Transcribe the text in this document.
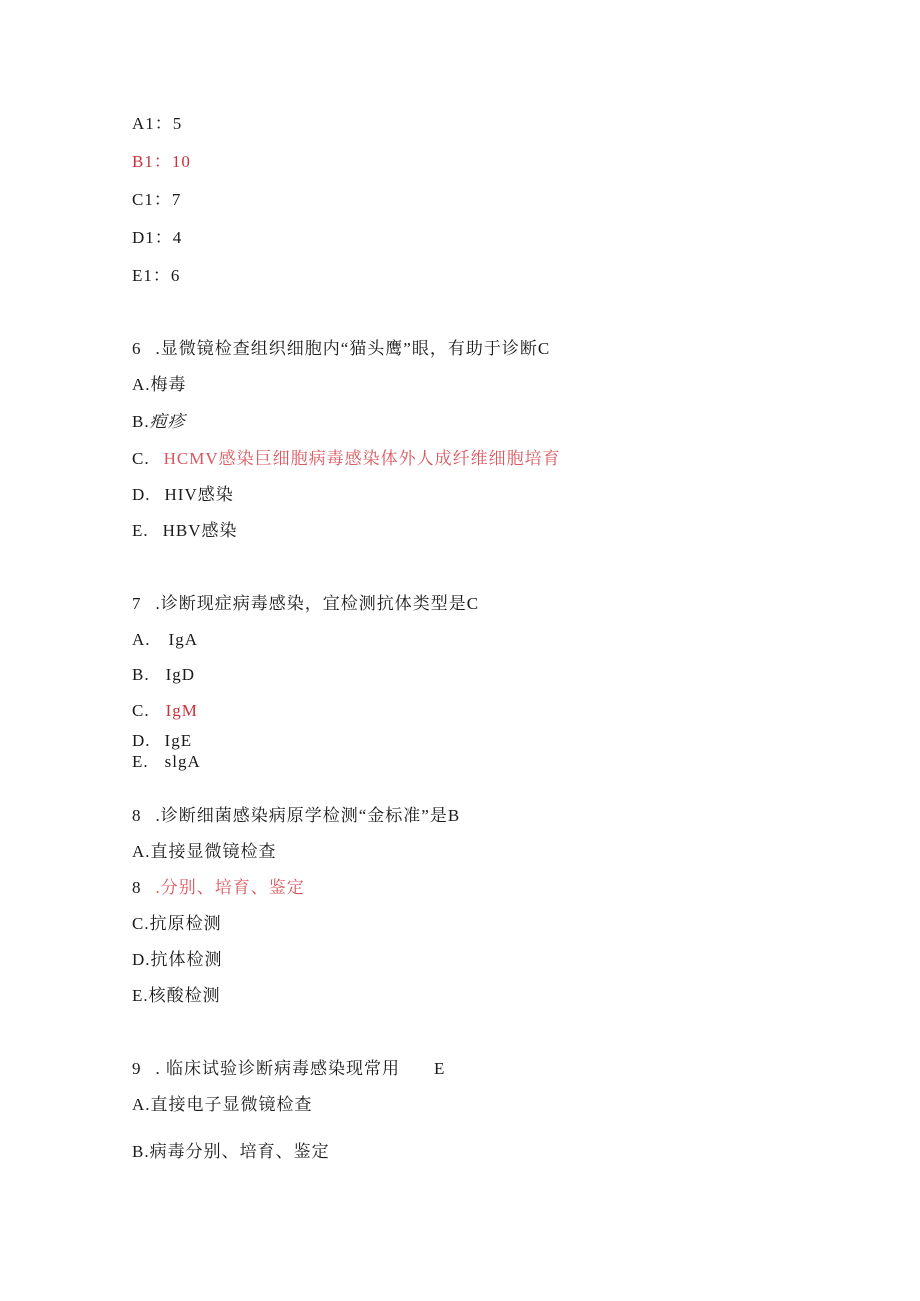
A1：5

B1：10

C1：7

D1：4

E1：6

6 .显微镜检查组织细胞内“猫头鹰”眼，有助于诊断C

A.梅毒

B.疱疹

C. HCMV感染巨细胞病毒感染体外人成纤维细胞培育

D. HIV感染

E. HBV感染

7 .诊断现症病毒感染，宜检测抗体类型是C

A. IgA

B. IgD

C. IgM

D. IgE

E. slgA

8 .诊断细菌感染病原学检测“金标准”是B

A.直接显微镜检查

8 .分别、培育、鉴定

C.抗原检测

D.抗体检测

E.核酸检测

9 . 临床试验诊断病毒感染现常用 E

A.直接电子显微镜检查

B.病毒分别、培育、鉴定
